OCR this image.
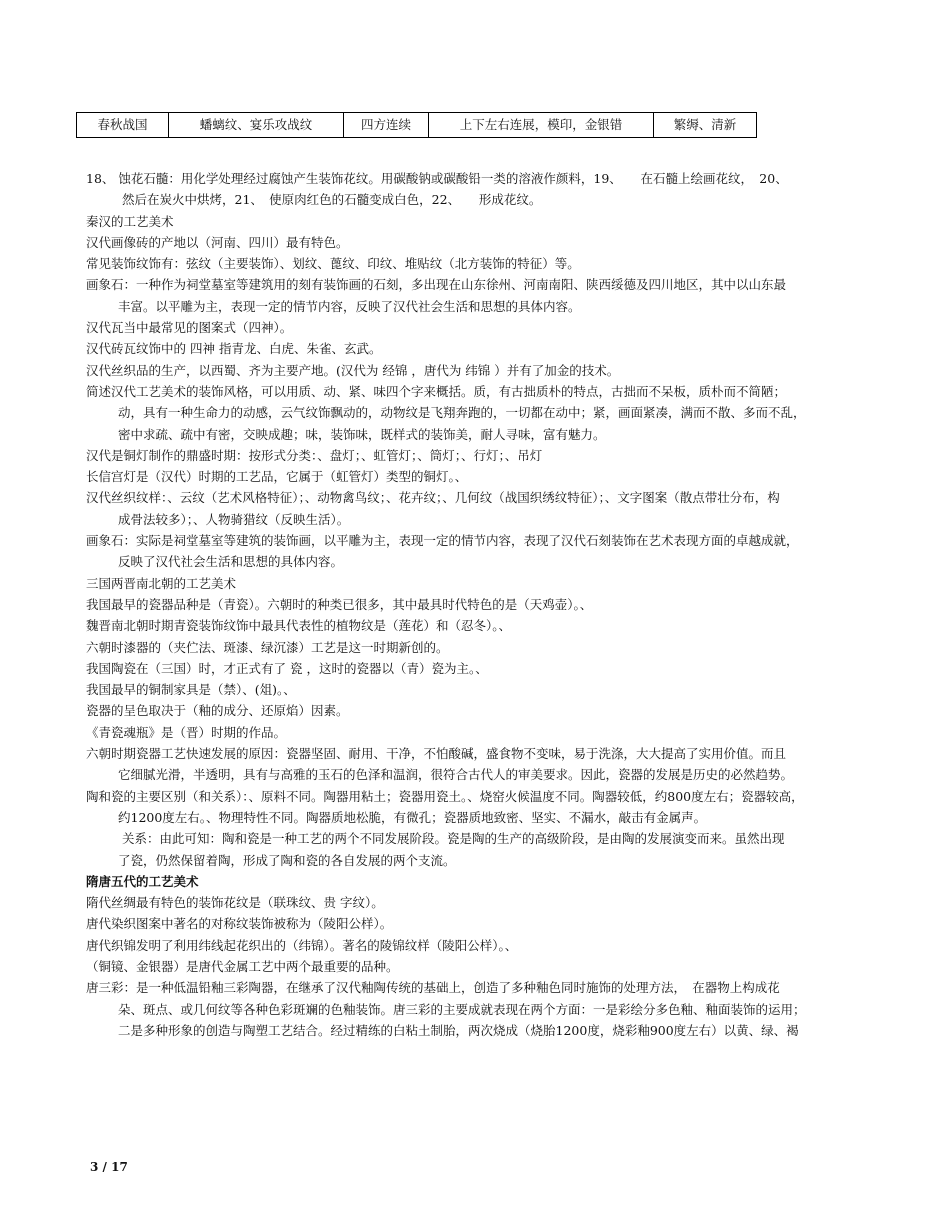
春秋战国	蟠螭纹、宴乐攻战纹	四方连续	上下左右连展，模印，金银错	繁缛、清新
18、 蚀花石髓：用化学处理经过腐蚀产生装饰花纹。用碳酸钠或碳酸铅一类的溶液作颜料，19、　　在石髓上绘画花纹，　20、
然后在炭火中烘烤，21、　使原肉红色的石髓变成白色，22、　　形成花纹。
秦汉的工艺美术
汉代画像砖的产地以（河南、四川）最有特色。
常见装饰纹饰有：弦纹（主要装饰）、划纹、蓖纹、印纹、堆贴纹（北方装饰的特征）等。
画象石：一种作为祠堂墓室等建筑用的刻有装饰画的石刻，多出现在山东徐州、河南南阳、陕西绥德及四川地区，其中以山东最
丰富。以平雕为主，表现一定的情节内容，反映了汉代社会生活和思想的具体内容。
汉代瓦当中最常见的图案式（四神）。
汉代砖瓦纹饰中的 四神 指青龙、白虎、朱雀、玄武。
汉代丝织品的生产，以西蜀、齐为主要产地。(汉代为 经锦 ，唐代为 纬锦 ）并有了加金的技术。
简述汉代工艺美术的装饰风格，可以用质、动、紧、味四个字来概括。质，有古拙质朴的特点，古拙而不呆板，质朴而不简陋；
动，具有一种生命力的动感，云气纹饰飘动的，动物纹是飞翔奔跑的，一切都在动中；紧，画面紧凑，满而不散、多而不乱，
密中求疏、疏中有密，交映成趣；味，装饰味，既样式的装饰美，耐人寻味，富有魅力。
汉代是铜灯制作的鼎盛时期：按形式分类：、盘灯；、虹管灯；、筒灯；、行灯；、吊灯
长信宫灯是（汉代）时期的工艺品，它属于（虹管灯）类型的铜灯。、
汉代丝织纹样：、云纹（艺术风格特征）；、动物禽鸟纹；、花卉纹；、几何纹（战国织绣纹特征）；、文字图案（散点带壮分布，构
成骨法较多）；、人物骑猎纹（反映生活）。
画象石：实际是祠堂墓室等建筑的装饰画，以平雕为主，表现一定的情节内容，表现了汉代石刻装饰在艺术表现方面的卓越成就，
反映了汉代社会生活和思想的具体内容。
三国两晋南北朝的工艺美术
我国最早的瓷器品种是（青瓷）。六朝时的种类已很多，其中最具时代特色的是（天鸡壶）。、
魏晋南北朝时期青瓷装饰纹饰中最具代表性的植物纹是（莲花）和（忍冬）。、
六朝时漆器的（夹伫法、斑漆、绿沉漆）工艺是这一时期新创的。
我国陶瓷在（三国）时，才正式有了 瓷 ，这时的瓷器以（青）瓷为主。、
我国最早的铜制家具是（禁）、(俎)。、
瓷器的呈色取决于（釉的成分、还原焰）因素。
《青瓷魂瓶》是（晋）时期的作品。
六朝时期瓷器工艺快速发展的原因：瓷器坚固、耐用、干净，不怕酸碱，盛食物不变味，易于洗涤，大大提高了实用价值。而且
它细腻光滑，半透明，具有与高雅的玉石的色泽和温润，很符合古代人的审美要求。因此，瓷器的发展是历史的必然趋势。
陶和瓷的主要区别（和关系）：、原料不同。陶器用粘土；瓷器用瓷土。、烧窑火候温度不同。陶器较低，约800度左右；瓷器较高，
约1200度左右。、物理特性不同。陶器质地松脆，有微孔；瓷器质地致密、坚实、不漏水，敲击有金属声。
关系：由此可知：陶和瓷是一种工艺的两个不同发展阶段。瓷是陶的生产的高级阶段，是由陶的发展演变而来。虽然出现
了瓷，仍然保留着陶，形成了陶和瓷的各自发展的两个支流。
隋唐五代的工艺美术
隋代丝绸最有特色的装饰花纹是（联珠纹、贵 字纹）。
唐代染织图案中著名的对称纹装饰被称为（陵阳公样）。
唐代织锦发明了利用纬线起花织出的（纬锦）。著名的陵锦纹样（陵阳公样）。、
（铜镜、金银器）是唐代金属工艺中两个最重要的品种。
唐三彩：是一种低温铅釉三彩陶器，在继承了汉代釉陶传统的基础上，创造了多种釉色同时施饰的处理方法，　在器物上构成花
朵、斑点、或几何纹等各种色彩斑斓的色釉装饰。唐三彩的主要成就表现在两个方面：一是彩绘分多色釉、釉面装饰的运用；
二是多种形象的创造与陶塑工艺结合。经过精练的白粘土制胎，两次烧成（烧胎1200度，烧彩釉900度左右）以黄、绿、褐
3 / 17
